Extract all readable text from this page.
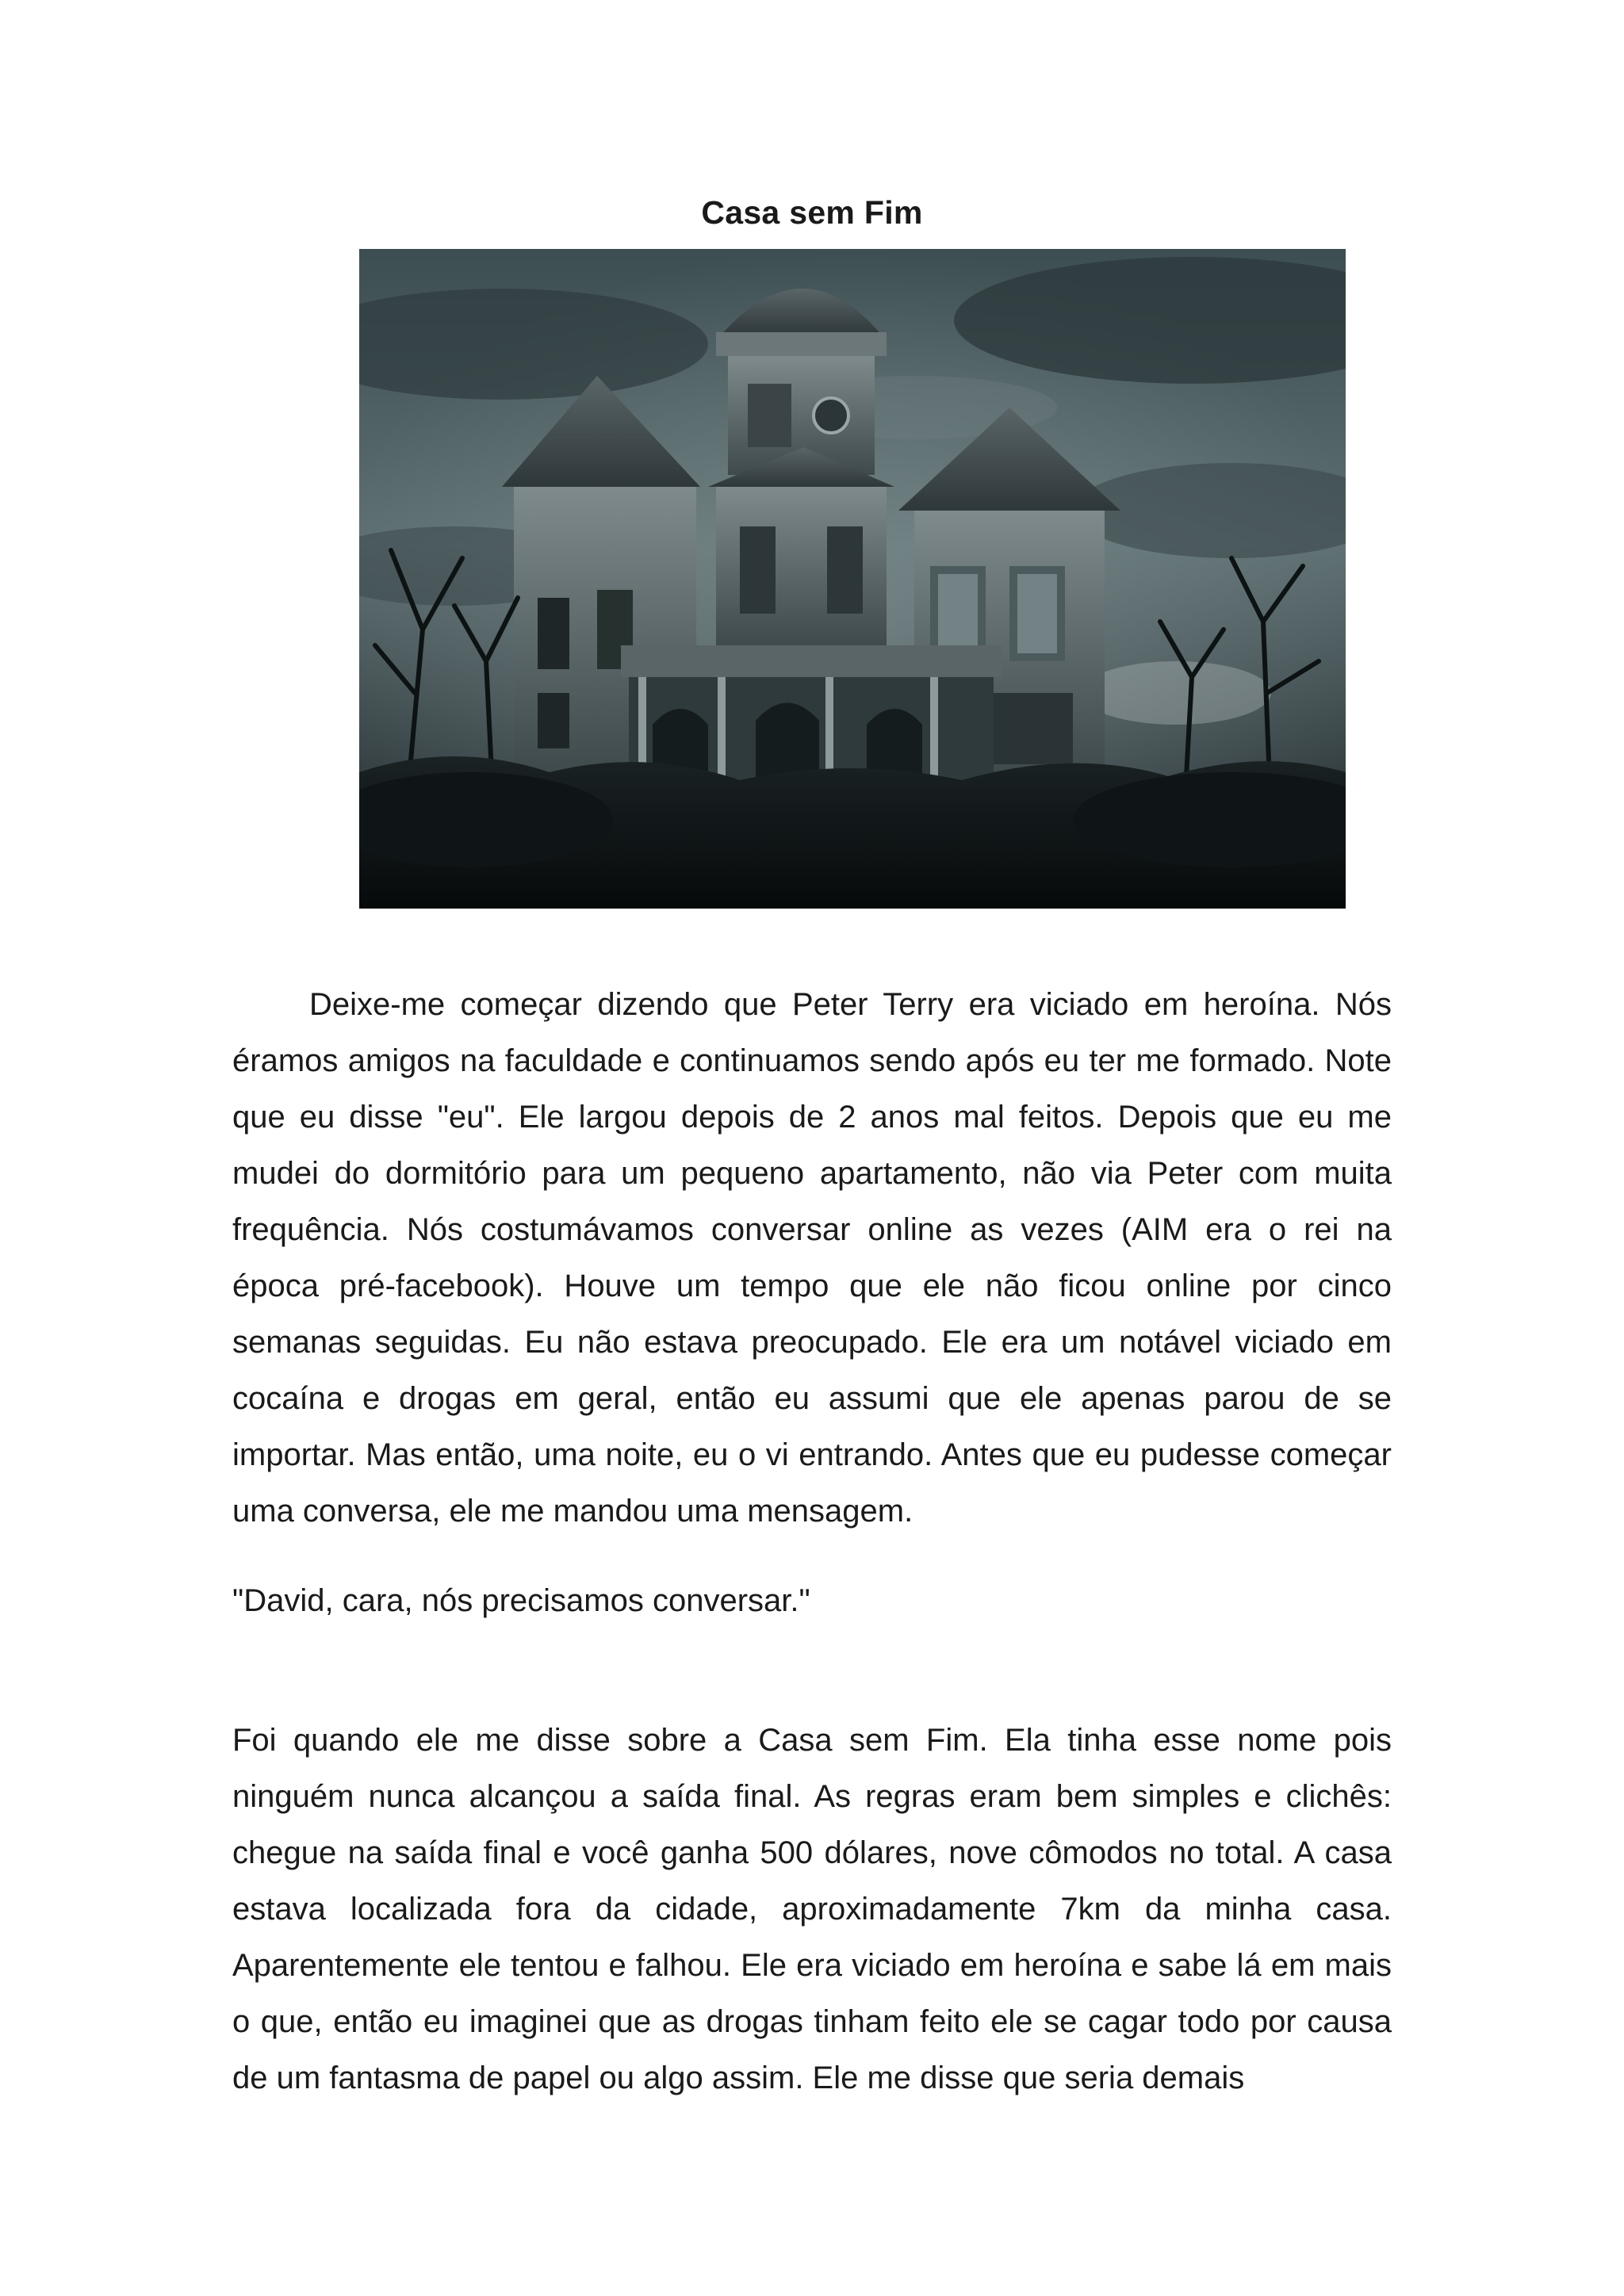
Casa sem Fim

Deixe-me começar dizendo que Peter Terry era viciado em heroína. Nós éramos amigos na faculdade e continuamos sendo após eu ter me formado. Note que eu disse "eu". Ele largou depois de 2 anos mal feitos. Depois que eu me mudei do dormitório para um pequeno apartamento, não via Peter com muita frequência. Nós costumávamos conversar online as vezes (AIM era o rei na época pré-facebook). Houve um tempo que ele não ficou online por cinco semanas seguidas. Eu não estava preocupado. Ele era um notável viciado em cocaína e drogas em geral, então eu assumi que ele apenas parou de se importar. Mas então, uma noite, eu o vi entrando. Antes que eu pudesse começar uma conversa, ele me mandou uma mensagem.

"David, cara, nós precisamos conversar."

Foi quando ele me disse sobre a Casa sem Fim. Ela tinha esse nome pois ninguém nunca alcançou a saída final. As regras eram bem simples e clichês: chegue na saída final e você ganha 500 dólares, nove cômodos no total. A casa estava localizada fora da cidade, aproximadamente 7km da minha casa. Aparentemente ele tentou e falhou. Ele era viciado em heroína e sabe lá em mais o que, então eu imaginei que as drogas tinham feito ele se cagar todo por causa de um fantasma de papel ou algo assim. Ele me disse que seria demais
